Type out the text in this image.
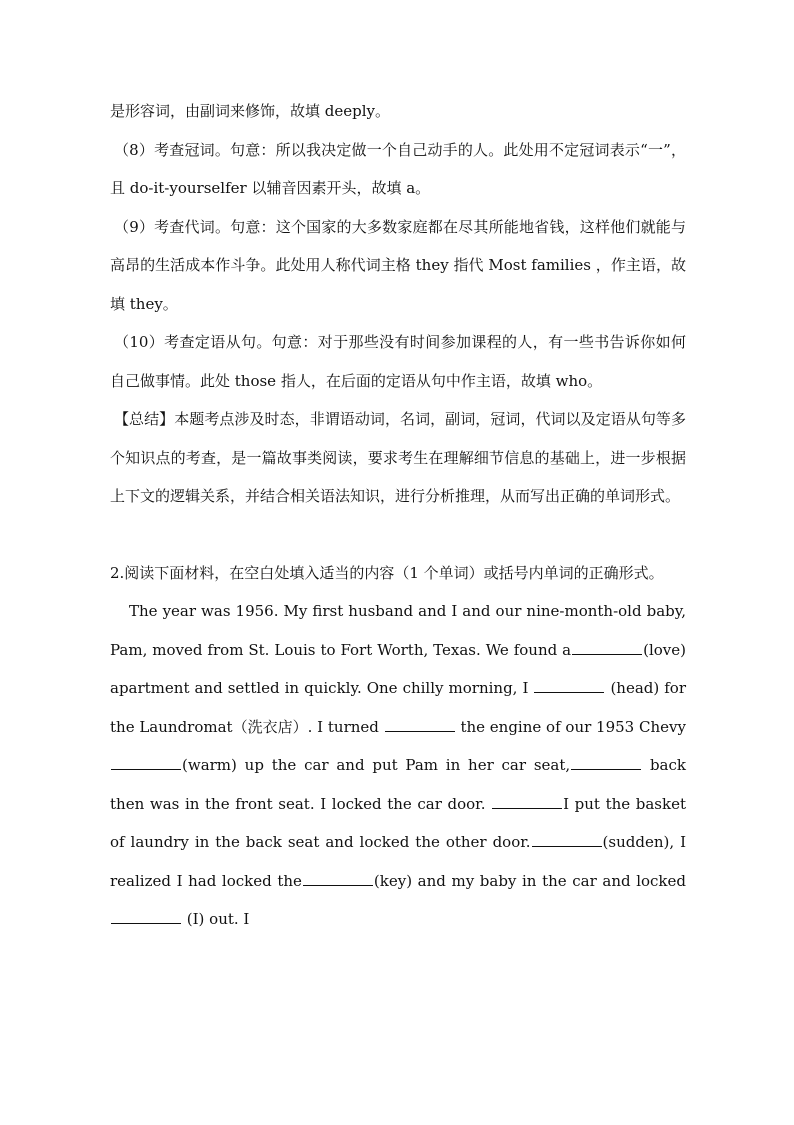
是形容词，由副词来修饰，故填 deeply。

（8）考查冠词。句意：所以我决定做一个自己动手的人。此处用不定冠词表示“一”，且 do-it-yourselfer 以辅音因素开头，故填 a。

（9）考查代词。句意：这个国家的大多数家庭都在尽其所能地省钱，这样他们就能与高昂的生活成本作斗争。此处用人称代词主格 they 指代 Most families ，作主语，故填 they。

（10）考查定语从句。句意：对于那些没有时间参加课程的人，有一些书告诉你如何自己做事情。此处 those 指人，在后面的定语从句中作主语，故填 who。

【总结】本题考点涉及时态，非谓语动词，名词，副词，冠词，代词以及定语从句等多个知识点的考查，是一篇故事类阅读，要求考生在理解细节信息的基础上，进一步根据上下文的逻辑关系，并结合相关语法知识，进行分析推理，从而写出正确的单词形式。

2.阅读下面材料，在空白处填入适当的内容（1 个单词）或括号内单词的正确形式。

The year was 1956. My first husband and I and our nine-month-old baby, Pam, moved from St. Louis to Fort Worth, Texas. We found a	(love) apartment and settled in quickly. One chilly morning, I	(head) for the Laundromat（洗衣店）. I turned	the engine of our 1953 Chevy (warm) up the car and put Pam in her car seat,	back then was in the front seat. I locked the car door.	I put the basket of laundry in the back seat and locked the other door.	(sudden), I realized I had locked the	(key) and my baby in the car and locked (I) out. I
